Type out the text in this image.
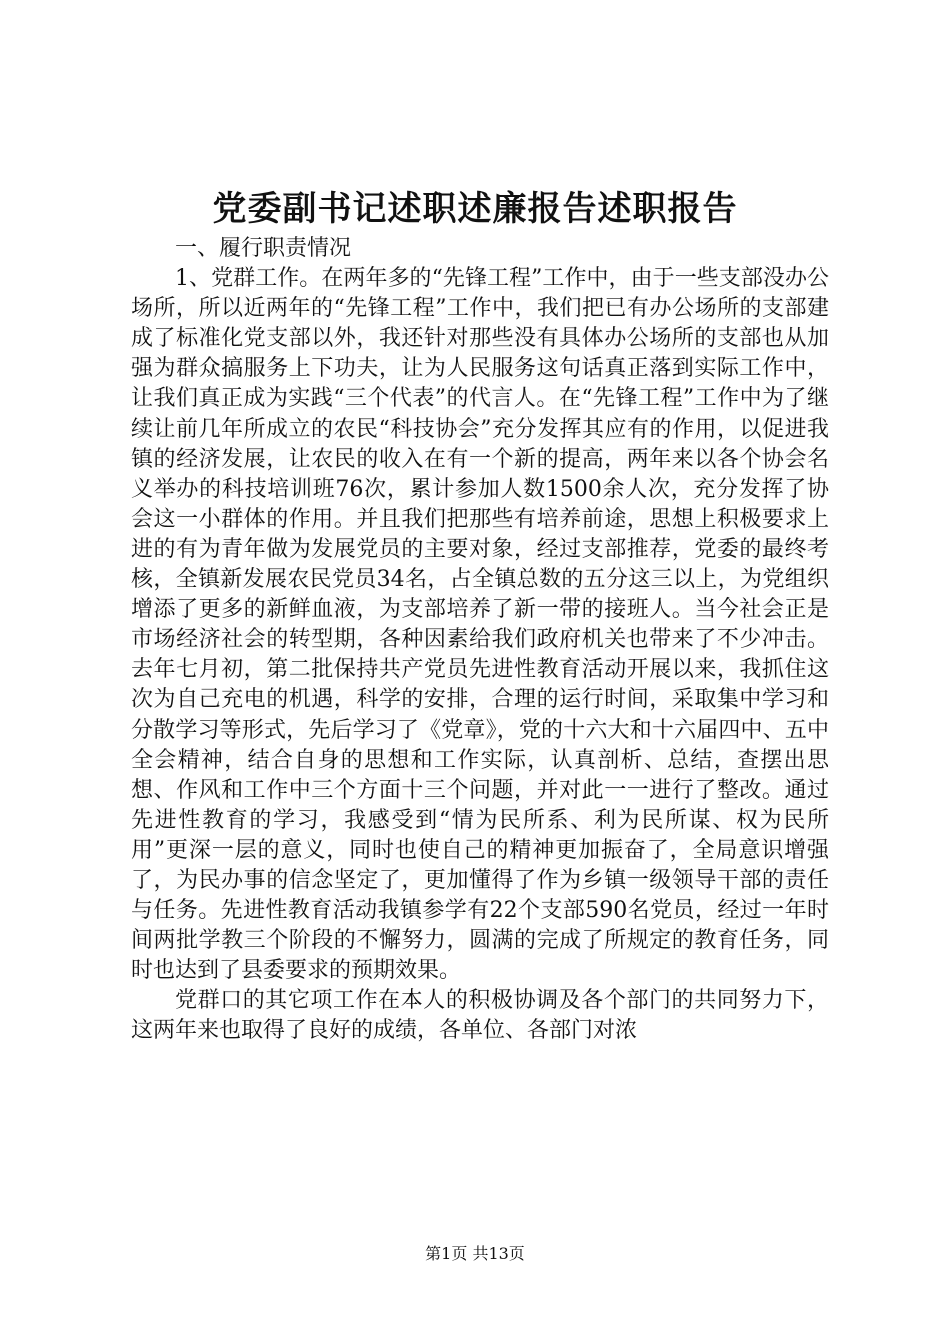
党委副书记述职述廉报告述职报告

一、履行职责情况

1、党群工作。在两年多的“先锋工程”工作中，由于一些支部没办公场所，所以近两年的“先锋工程”工作中，我们把已有办公场所的支部建成了标准化党支部以外，我还针对那些没有具体办公场所的支部也从加强为群众搞服务上下功夫，让为人民服务这句话真正落到实际工作中，让我们真正成为实践“三个代表”的代言人。在“先锋工程”工作中为了继续让前几年所成立的农民“科技协会”充分发挥其应有的作用，以促进我镇的经济发展，让农民的收入在有一个新的提高，两年来以各个协会名义举办的科技培训班76次，累计参加人数1500余人次，充分发挥了协会这一小群体的作用。并且我们把那些有培养前途，思想上积极要求上进的有为青年做为发展党员的主要对象，经过支部推荐，党委的最终考核，全镇新发展农民党员34名，占全镇总数的五分这三以上，为党组织增添了更多的新鲜血液，为支部培养了新一带的接班人。当今社会正是市场经济社会的转型期，各种因素给我们政府机关也带来了不少冲击。去年七月初，第二批保持共产党员先进性教育活动开展以来，我抓住这次为自己充电的机遇，科学的安排，合理的运行时间，采取集中学习和分散学习等形式，先后学习了《党章》，党的十六大和十六届四中、五中全会精神，结合自身的思想和工作实际，认真剖析、总结，查摆出思想、作风和工作中三个方面十三个问题，并对此一一进行了整改。通过先进性教育的学习，我感受到“情为民所系、利为民所谋、权为民所用”更深一层的意义，同时也使自己的精神更加振奋了，全局意识增强了，为民办事的信念坚定了，更加懂得了作为乡镇一级领导干部的责任与任务。先进性教育活动我镇参学有22个支部590名党员，经过一年时间两批学教三个阶段的不懈努力，圆满的完成了所规定的教育任务，同时也达到了县委要求的预期效果。

党群口的其它项工作在本人的积极协调及各个部门的共同努力下，这两年来也取得了良好的成绩，各单位、各部门对浓

第1页 共13页
